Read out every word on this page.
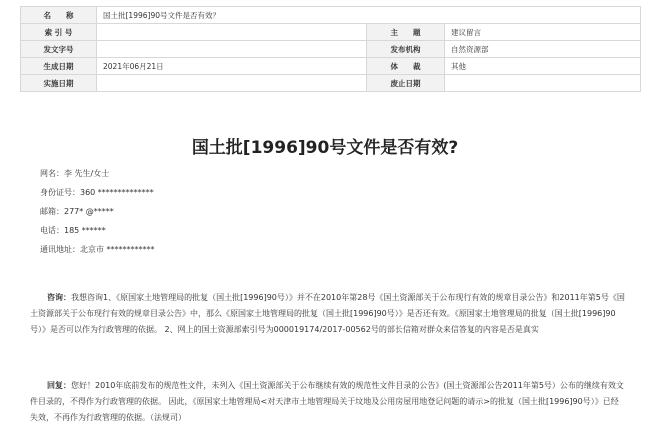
名　　称	国土批[1996]90号文件是否有效？		
索 引 号		主　　题	建议留言
发文字号		发布机构	自然资源部
生成日期	2021年06月21日	体　　裁	其他
实施日期		废止日期	
国土批[1996]90号文件是否有效?
网名：李 先生/女士
身份证号：360 **************
邮箱：277* @*****
电话：185 ******
通讯地址：北京市 ************

咨询：我想咨询1、《原国家土地管理局的批复（国土批[1996]90号）》并不在2010年第28号《国土资源部关于公布现行有效的规章目录公告》和2011年第5号《国土资源部关于公布现行有效的规章目录公告》中，那么《原国家土地管理局的批复（国土批[1996]90号）》是否还有效。《原国家土地管理局的批复（国土批[1996]90号）》是否可以作为行政管理的依据。 2、网上的国土资源部索引号为000019174/2017-00562号的部长信箱对群众来信答复的内容是否是真实

回复：您好！2010年底前发布的规范性文件，未列入《国土资源部关于公布继续有效的规范性文件目录的公告》(国土资源部公告2011年第5号）公布的继续有效文件目录的，不得作为行政管理的依据。 因此，《原国家土地管理局<对天津市土地管理局关于坟地及公用房屋用地登记问题的请示>的批复（国土批[1996]90号）》已经失效，不再作为行政管理的依据。（法规司）
